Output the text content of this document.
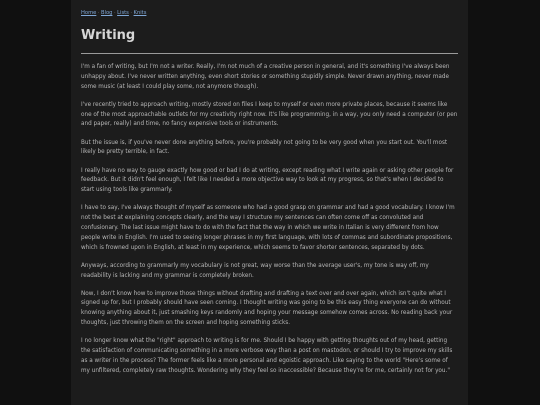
Home · Blog · Lists · Knits
Writing

I'm a fan of writing, but I'm not a writer. Really, I'm not much of a creative person in general, and it's something I've always been unhappy about. I've never written anything, even short stories or something stupidly simple. Never drawn anything, never made some music (at least I could play some, not anymore though).

I've recently tried to approach writing, mostly stored on files I keep to myself or even more private places, because it seems like one of the most approachable outlets for my creativity right now. It's like programming, in a way, you only need a computer (or pen and paper, really) and time, no fancy expensive tools or instruments.

But the issue is, if you've never done anything before, you're probably not going to be very good when you start out. You'll most likely be pretty terrible, in fact.

I really have no way to gauge exactly how good or bad I do at writing, except reading what I write again or asking other people for feedback. But it didn't feel enough, I felt like I needed a more objective way to look at my progress, so that's when I decided to start using tools like grammarly.

I have to say, I've always thought of myself as someone who had a good grasp on grammar and had a good vocabulary. I know I'm not the best at explaining concepts clearly, and the way I structure my sentences can often come off as convoluted and confusionary. The last issue might have to do with the fact that the way in which we write in Italian is very different from how people write in English. I'm used to seeing longer phrases in my first language, with lots of commas and subordinate propositions, which is frowned upon in English, at least in my experience, which seems to favor shorter sentences, separated by dots.

Anyways, according to grammarly my vocabulary is not great, way worse than the average user's, my tone is way off, my readability is lacking and my grammar is completely broken.

Now, I don't know how to improve those things without drafting and drafting a text over and over again, which isn't quite what I signed up for, but I probably should have seen coming. I thought writing was going to be this easy thing everyone can do without knowing anything about it, just smashing keys randomly and hoping your message somehow comes across. No reading back your thoughts, just throwing them on the screen and hoping something sticks.

I no longer know what the "right" approach to writing is for me. Should I be happy with getting thoughts out of my head, getting the satisfaction of communicating something in a more verbose way than a post on mastodon, or should I try to improve my skills as a writer in the process? The former feels like a more personal and egoistic approach. Like saying to the world "Here's some of my unfiltered, completely raw thoughts. Wondering why they feel so inaccessible? Because they're for me, certainly not for you."
